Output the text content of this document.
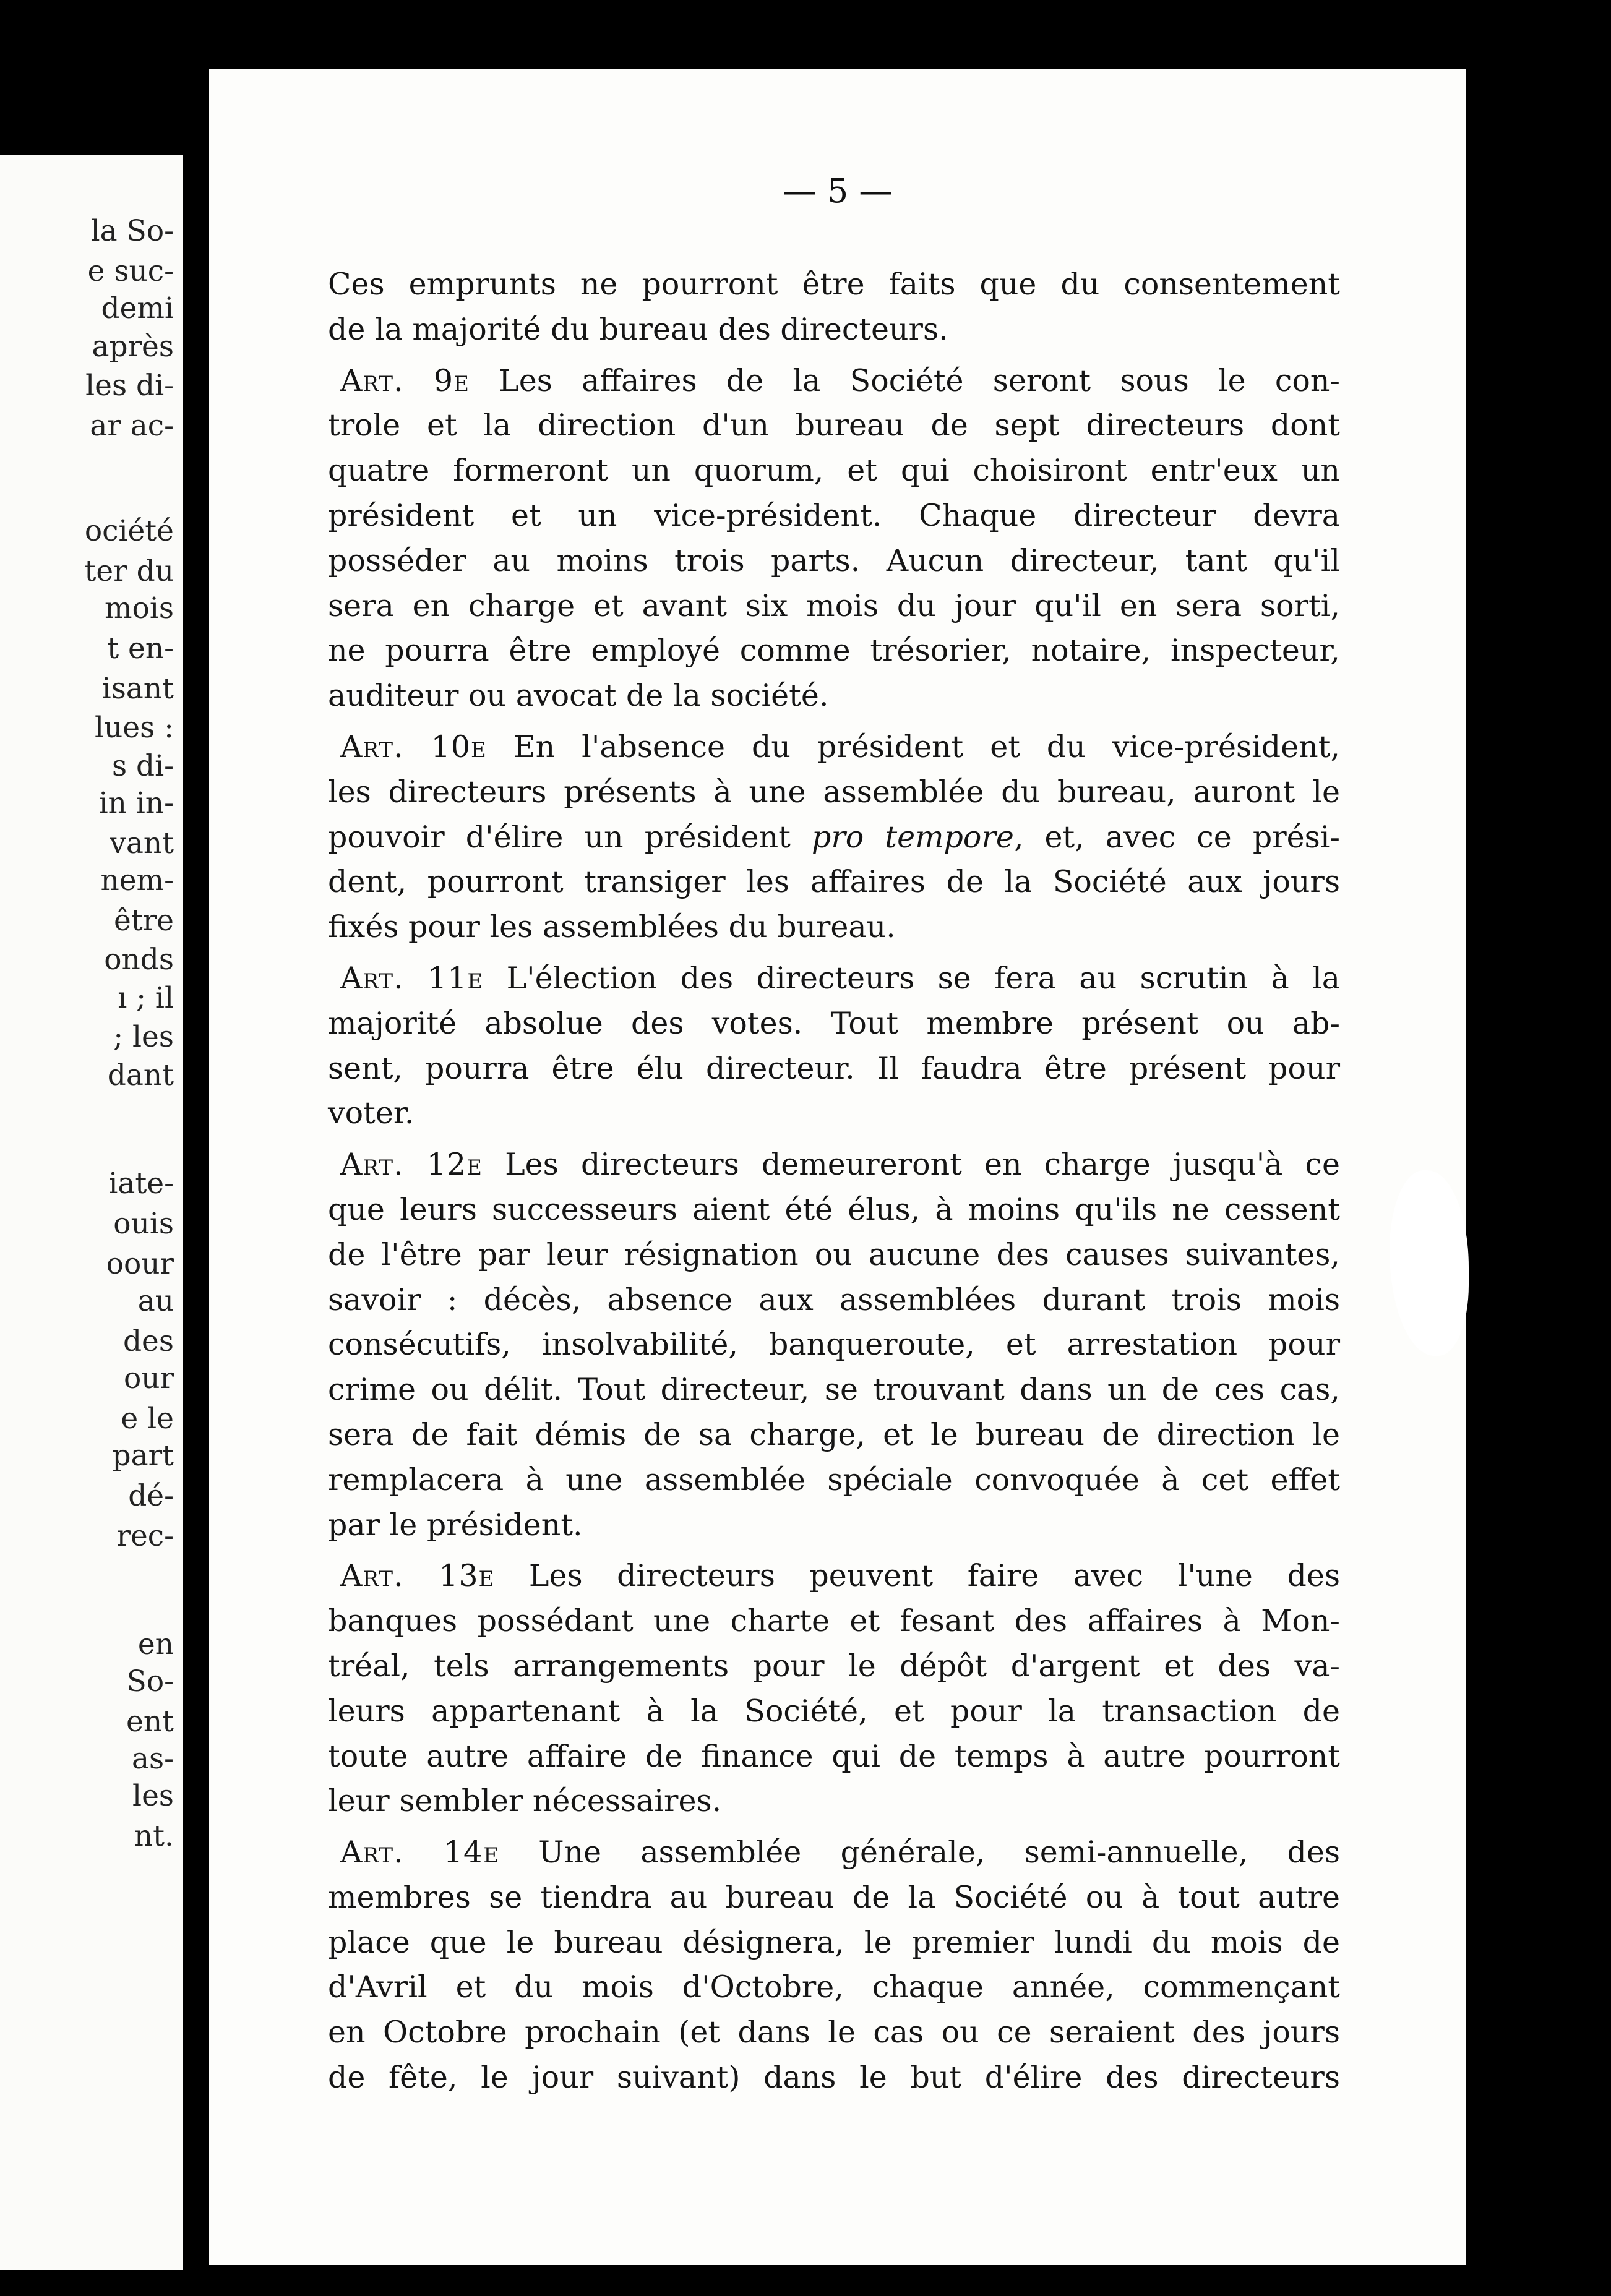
la So-
e suc-
demi
après
les di-
ar ac-
ociété
ter du
mois
t en-
isant
lues :
s di-
in in-
vant
nem-
être
onds
ı ; il
; les
dant
iate-
ouis
oour
au
des
our
e le
part
dé-
rec-
en
So-
ent
as-
les
nt.
— 5 —
Ces emprunts ne pourront être faits que du consentement
de la majorité du bureau des directeurs.
Art. 9e Les affaires de la Société seront sous le con-
trole et la direction d'un bureau de sept directeurs dont
quatre formeront un quorum, et qui choisiront entr'eux un
président et un vice-président. Chaque directeur devra
posséder au moins trois parts. Aucun directeur, tant qu'il
sera en charge et avant six mois du jour qu'il en sera sorti,
ne pourra être employé comme trésorier, notaire, inspecteur,
auditeur ou avocat de la société.
Art. 10e En l'absence du président et du vice-président,
les directeurs présents à une assemblée du bureau, auront le
pouvoir d'élire un président pro tempore, et, avec ce prési-
dent, pourront transiger les affaires de la Société aux jours
fixés pour les assemblées du bureau.
Art. 11e L'élection des directeurs se fera au scrutin à la
majorité absolue des votes. Tout membre présent ou ab-
sent, pourra être élu directeur. Il faudra être présent pour
voter.
Art. 12e Les directeurs demeureront en charge jusqu'à ce
que leurs successeurs aient été élus, à moins qu'ils ne cessent
de l'être par leur résignation ou aucune des causes suivantes,
savoir : décès, absence aux assemblées durant trois mois
consécutifs, insolvabilité, banqueroute, et arrestation pour
crime ou délit. Tout directeur, se trouvant dans un de ces cas,
sera de fait démis de sa charge, et le bureau de direction le
remplacera à une assemblée spéciale convoquée à cet effet
par le président.
Art. 13e Les directeurs peuvent faire avec l'une des
banques possédant une charte et fesant des affaires à Mon-
tréal, tels arrangements pour le dépôt d'argent et des va-
leurs appartenant à la Société, et pour la transaction de
toute autre affaire de finance qui de temps à autre pourront
leur sembler nécessaires.
Art. 14e Une assemblée générale, semi-annuelle, des
membres se tiendra au bureau de la Société ou à tout autre
place que le bureau désignera, le premier lundi du mois de
d'Avril et du mois d'Octobre, chaque année, commençant
en Octobre prochain (et dans le cas ou ce seraient des jours
de fête, le jour suivant) dans le but d'élire des directeurs
